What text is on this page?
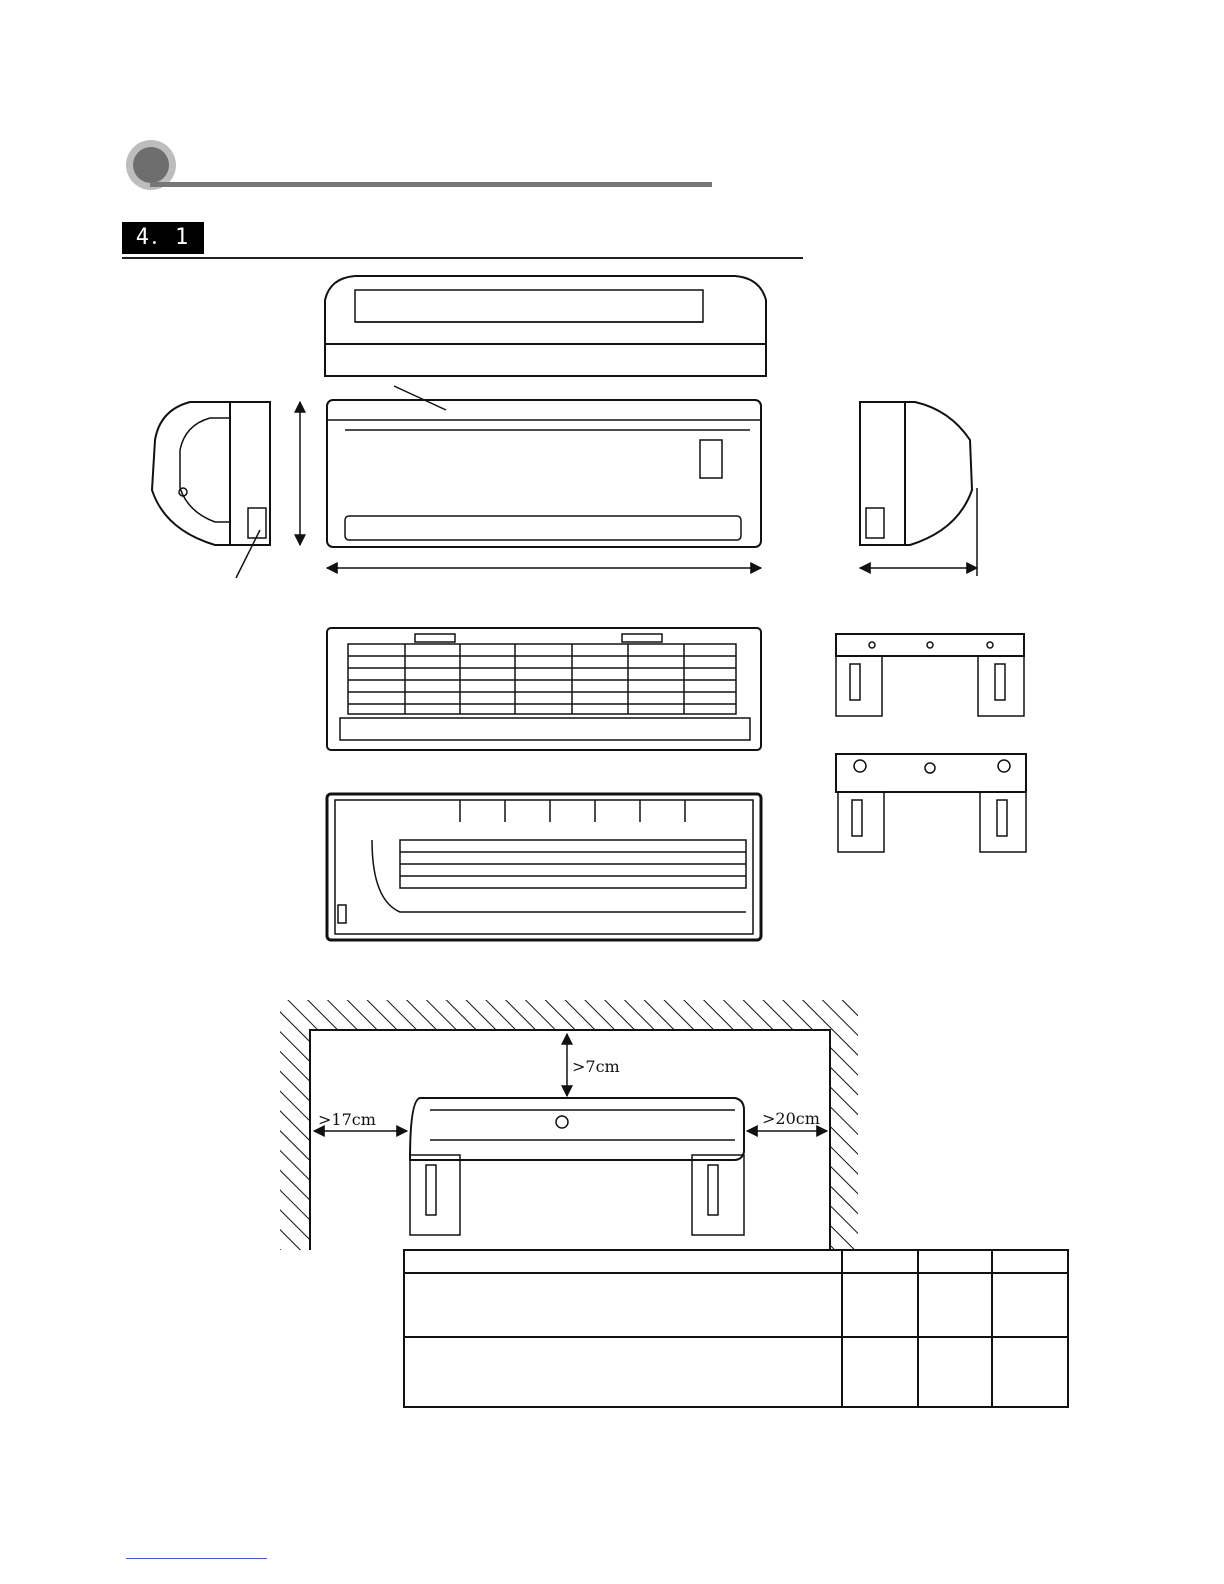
4．1
>7cm
>17cm	>20cm
